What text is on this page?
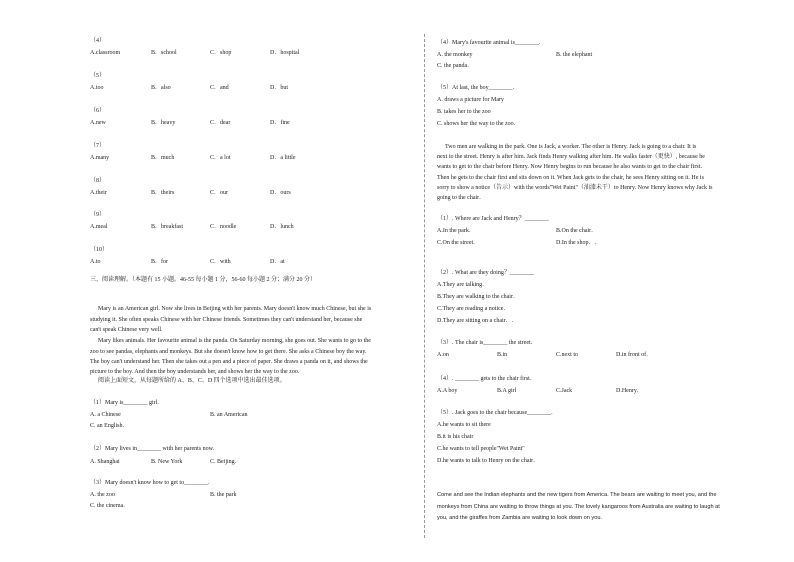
（4）
A.classroom	B．school	C．shop	D．hospital
（5）
A.too	B．also	C．and	D．but
（6）
A.new	B．heavy	C．dear	D．fine
（7）
A.many	B．much	C．a lot	D．a little
（8）
A.their	B．theirs	C．our	D．ours
（9）
A.meal	B．breakfast	C．noodle	D．lunch
（10）
A.to	B．for	C．with	D．at
三、阅读理解。（本题有 15 小题。46-55 每小题 1 分，56-60 每小题 2 分；满分 20 分）
Mary is an American girl. Now she lives in Beijing with her parents. Mary doesn't know much Chinese, but she is
studying it. She often speaks Chinese with her Chinese friends. Sometimes they can't understand her, because she
can't speak Chinese very well.
Mary likes animals. Her favourite animal is the panda. On Saturday morning, she goes out. She wants to go to the
zoo to see pandas, elephants and monkeys. But she doesn't know how to get there. She asks a Chinese boy the way.
The boy can't understand her. Then she takes out a pen and a piece of paper. She draws a panda on it, and shows the
picture to the boy. And then the boy understands her, and shows her the way to the zoo.
阅读上面短文，从每题所给的 A、B、C、D 四个选项中选出最佳选项。
（1）Mary is________ girl.
A. a Chinese	B. an American
C. an English．
（2）Mary lives in________ with her parents now.
A. Shanghai	B. New York	C. Beijing．
（3）Mary doesn't know how to get to________.
A. the zoo	B. the park
C. the cinema．
（4）Mary's favourite animal is________.
A. the monkey	B. the elephant
C. the panda．
（5）At last, the boy________.
A. draws a picture for Mary
B. takes her to the zoo
C. shows her the way to the zoo．
Two men are walking in the park. One is Jack, a worker. The other is Henry. Jack is going to a chair. It is
next to the street. Henry is after him. Jack finds Henry walking after him. He walks faster（更快）, because he
wants to get to the chair before Henry. Now Henry begins to run because he also wants to get to the chair first．
Then he gets to the chair first and sits down on it. When Jack gets to the chair, he sees Henry sitting on it. He is
sorry to show a notice（告示）with the words"Wet Paint"（油漆未干）to Henry. Now Henry knows why Jack is
going to the chair．
（1）. Where are Jack and Henry？________
A.In the park．	B.On the chair．
C.On the street．	D.In the shop．.
（2）. What are they doing？________
A.They are talking．
B.They are walking to the chair．
C.They are reading a notice．
D.They are sitting on a chair．.
（3）. The chair is________ the street．
A.on	B.in	C.next to	D.in front of．
（4）. ________ gets to the chair first．
A.A boy	B.A girl	C.Jack	D.Henry．
（5）. Jack goes to the chair because________.
A.he wants to sit there
B.it is his chair
C.he wants to tell people"Wet Paint"
D.he wants to talk to Henry on the chair．
Come and see the Indian elephants and the new tigers from America. The bears are waiting to meet you, and the
monkeys from China are waiting to throw things at you. The lovely kangaroos from Australia are waiting to laugh at
you, and the giraffes from Zambia are waiting to look down on you.
